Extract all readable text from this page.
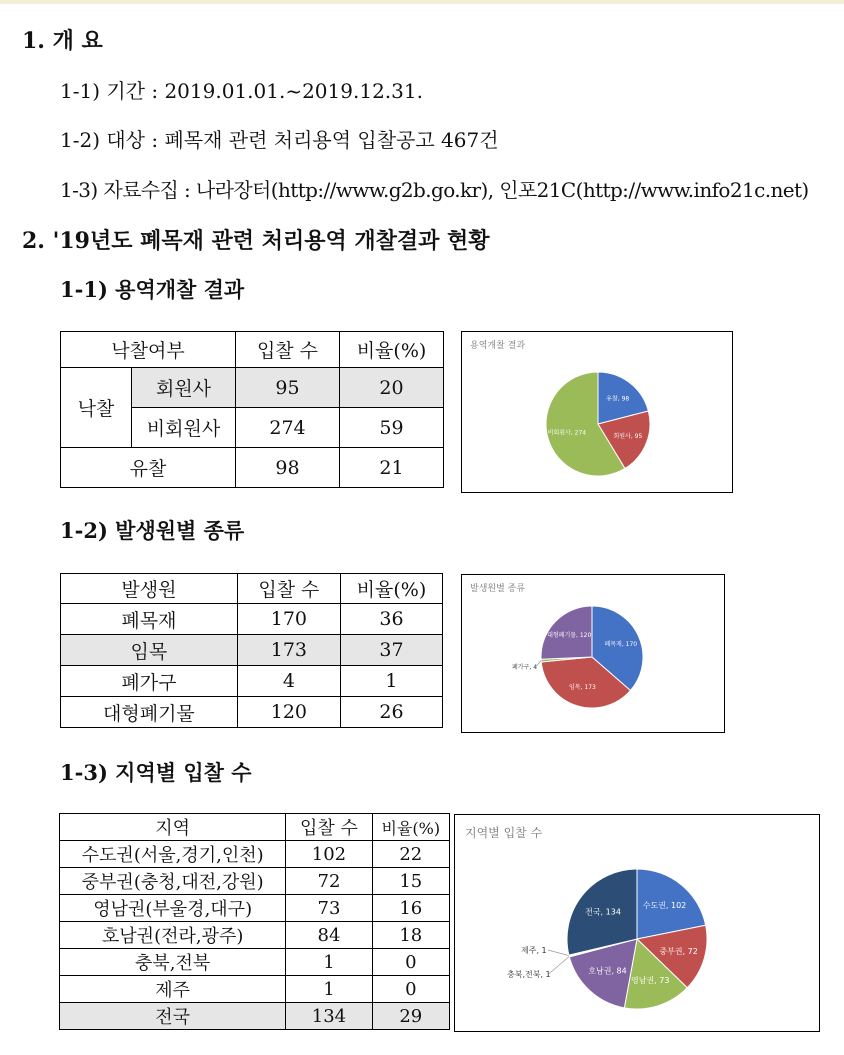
1. 개 요
1-1) 기간 : 2019.01.01.~2019.12.31.
1-2) 대상 : 폐목재 관련 처리용역 입찰공고 467건
1-3) 자료수집 : 나라장터(http://www.g2b.go.kr), 인포21C(http://www.info21c.net)
2. '19년도 폐목재 관련 처리용역 개찰결과 현황
1-1) 용역개찰 결과
낙찰여부		입찰 수	비율(%)
낙찰	회원사	95	20
	비회원사	274	59
유찰		98	21
용역개찰 결과
유찰, 98
회원사, 95
비회원사, 274
1-2) 발생원별 종류
발생원	입찰 수	비율(%)
폐목재	170	36
임목	173	37
폐가구	4	1
대형폐기물	120	26
발생원별 종류
폐목재, 170
임목, 173
폐가구, 4
대형폐기물, 120
1-3) 지역별 입찰 수
지역	입찰 수	비율(%)
수도권(서울,경기,인천)	102	22
중부권(충청,대전,강원)	72	15
영남권(부울경,대구)	73	16
호남권(전라,광주)	84	18
충북,전북	1	0
제주	1	0
전국	134	29
지역별 입찰 수
수도권, 102
중부권, 72
영남권, 73
호남권, 84
충북,전북, 1
제주, 1
전국, 134
